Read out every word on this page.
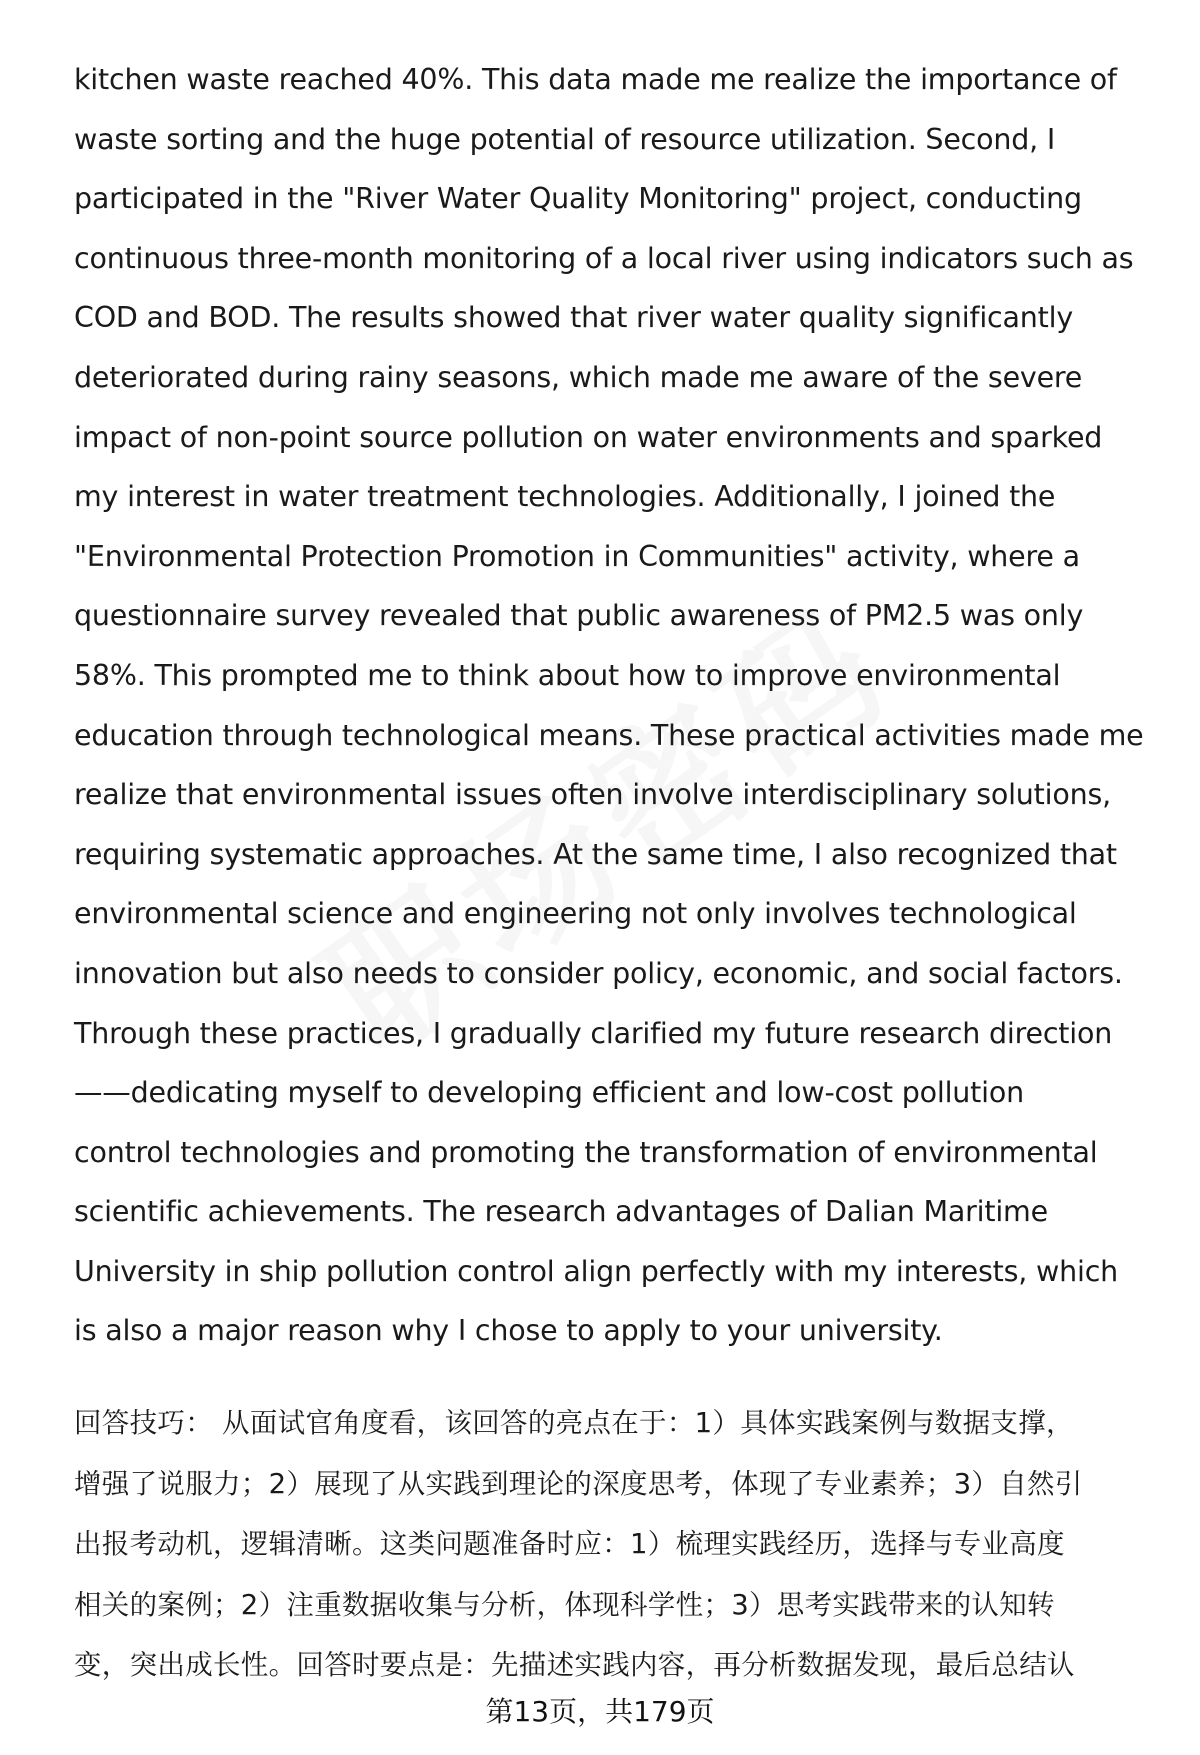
kitchen waste reached 40%. This data made me realize the importance of
waste sorting and the huge potential of resource utilization. Second, I
participated in the "River Water Quality Monitoring" project, conducting
continuous three-month monitoring of a local river using indicators such as
COD and BOD. The results showed that river water quality significantly
deteriorated during rainy seasons, which made me aware of the severe
impact of non-point source pollution on water environments and sparked
my interest in water treatment technologies. Additionally, I joined the
"Environmental Protection Promotion in Communities" activity, where a
questionnaire survey revealed that public awareness of PM2.5 was only
58%. This prompted me to think about how to improve environmental
education through technological means. These practical activities made me
realize that environmental issues often involve interdisciplinary solutions,
requiring systematic approaches. At the same time, I also recognized that
environmental science and engineering not only involves technological
innovation but also needs to consider policy, economic, and social factors.
Through these practices, I gradually clarified my future research direction
——dedicating myself to developing efficient and low-cost pollution
control technologies and promoting the transformation of environmental
scientific achievements. The research advantages of Dalian Maritime
University in ship pollution control align perfectly with my interests, which
is also a major reason why I chose to apply to your university.
回答技巧： 从面试官角度看，该回答的亮点在于：1）具体实践案例与数据支撑，
增强了说服力；2）展现了从实践到理论的深度思考，体现了专业素养；3）自然引
出报考动机，逻辑清晰。这类问题准备时应：1）梳理实践经历，选择与专业高度
相关的案例；2）注重数据收集与分析，体现科学性；3）思考实践带来的认知转
变，突出成长性。回答时要点是：先描述实践内容，再分析数据发现，最后总结认
第13页，共179页
